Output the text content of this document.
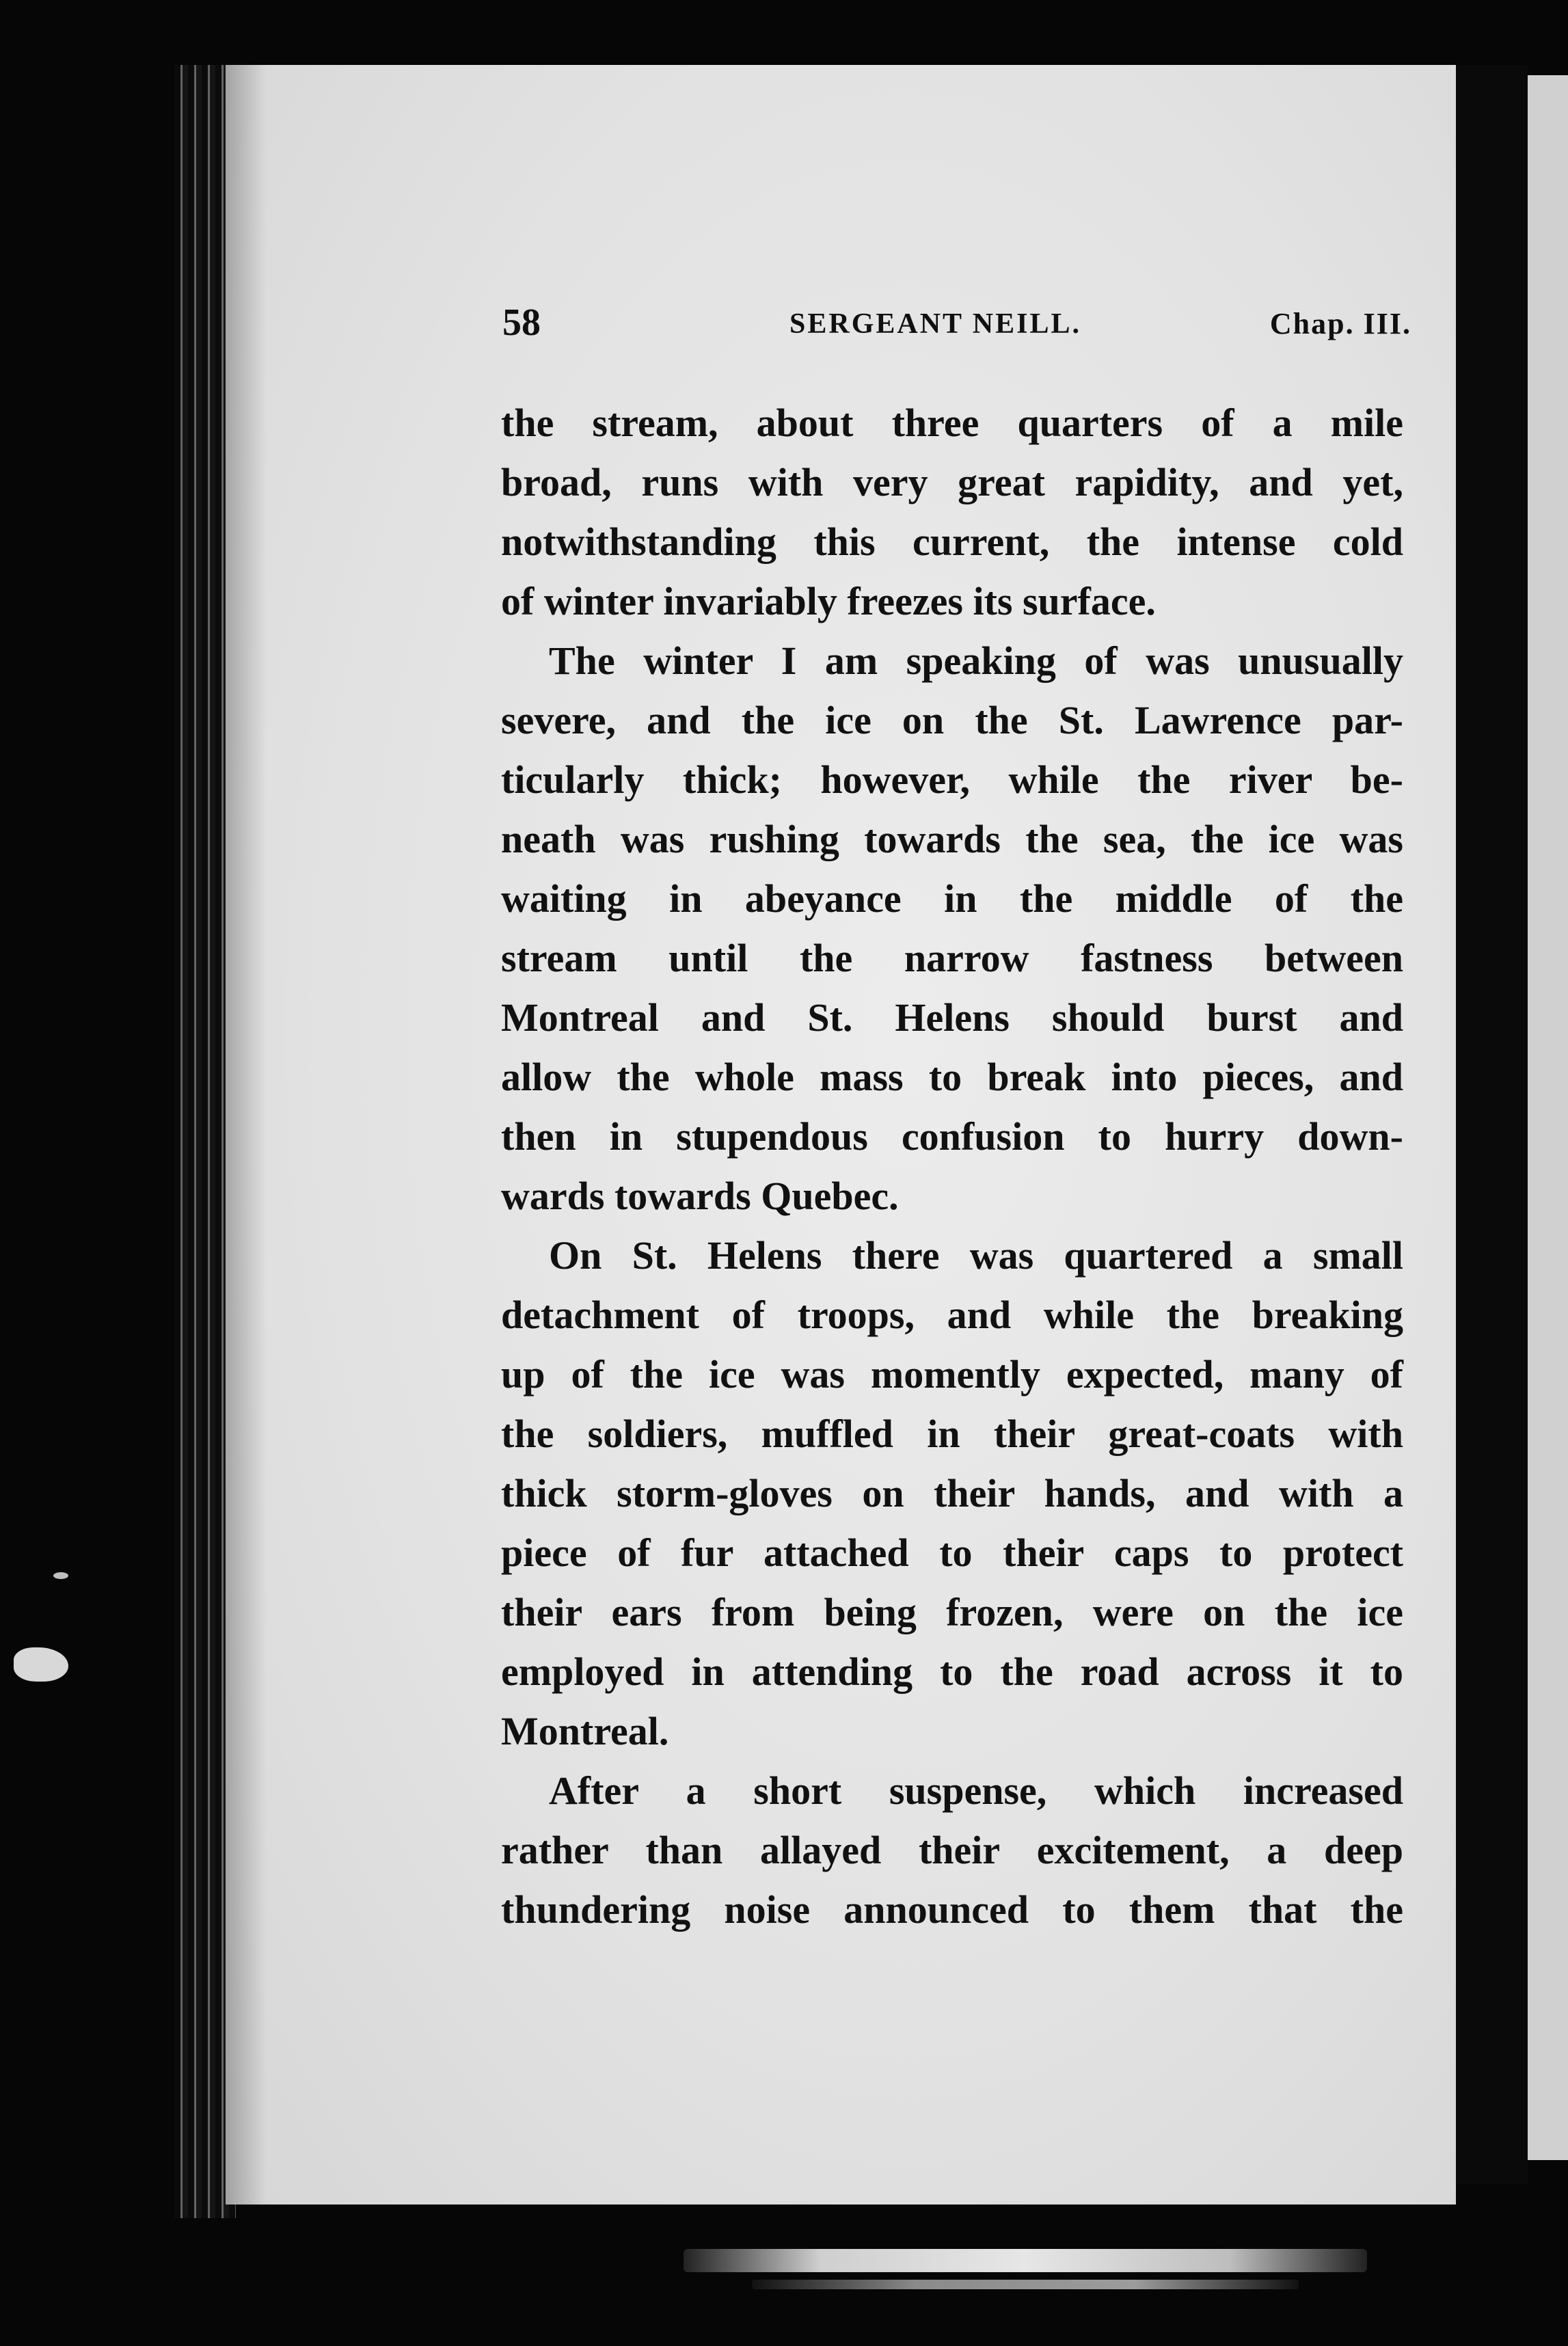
58	SERGEANT NEILL.	Chap. III.

the stream, about three quarters of a mile
broad, runs with very great rapidity, and yet,
notwithstanding this current, the intense cold
of winter invariably freezes its surface.

The winter I am speaking of was unusually
severe, and the ice on the St. Lawrence par-
ticularly thick; however, while the river be-
neath was rushing towards the sea, the ice was
waiting in abeyance in the middle of the
stream until the narrow fastness between
Montreal and St. Helens should burst and
allow the whole mass to break into pieces, and
then in stupendous confusion to hurry down-
wards towards Quebec.

On St. Helens there was quartered a small
detachment of troops, and while the breaking
up of the ice was momently expected, many of
the soldiers, muffled in their great-coats with
thick storm-gloves on their hands, and with a
piece of fur attached to their caps to protect
their ears from being frozen, were on the ice
employed in attending to the road across it to
Montreal.

After a short suspense, which increased
rather than allayed their excitement, a deep
thundering noise announced to them that the
